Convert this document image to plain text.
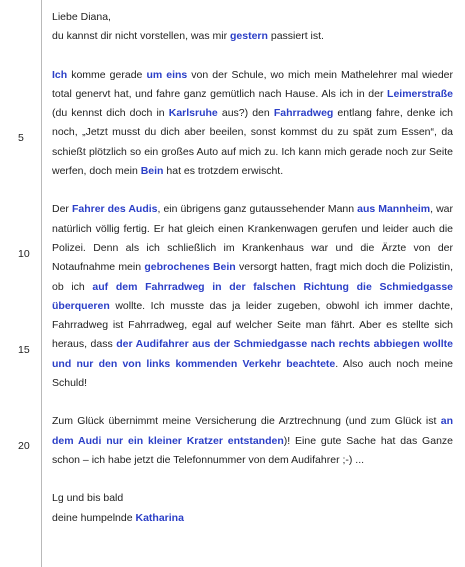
5
10
15
20

Liebe Diana,

du kannst dir nicht vorstellen, was mir gestern passiert ist.

Ich komme gerade um eins von der Schule, wo mich mein Mathelehrer mal wieder total genervt hat, und fahre ganz gemütlich nach Hause. Als ich in der Leimerstraße (du kennst dich doch in Karlsruhe aus?) den Fahrradweg entlang fahre, denke ich noch, „Jetzt musst du dich aber beeilen, sonst kommst du zu spät zum Essen“, da schießt plötzlich so ein großes Auto auf mich zu. Ich kann mich gerade noch zur Seite werfen, doch mein Bein hat es trotzdem erwischt.

Der Fahrer des Audis, ein übrigens ganz gutaussehender Mann aus Mannheim, war natürlich völlig fertig. Er hat gleich einen Krankenwagen gerufen und leider auch die Polizei. Denn als ich schließlich im Krankenhaus war und die Ärzte von der Notaufnahme mein gebrochenes Bein versorgt hatten, fragt mich doch die Polizistin, ob ich auf dem Fahrradweg in der falschen Richtung die Schmiedgasse überqueren wollte. Ich musste das ja leider zugeben, obwohl ich immer dachte, Fahrradweg ist Fahrradweg, egal auf welcher Seite man fährt. Aber es stellte sich heraus, dass der Audifahrer aus der Schmiedgasse nach rechts abbiegen wollte und nur den von links kommenden Verkehr beachtete. Also auch noch meine Schuld!

Zum Glück übernimmt meine Versicherung die Arztrechnung (und zum Glück ist an dem Audi nur ein kleiner Kratzer entstanden)! Eine gute Sache hat das Ganze schon – ich habe jetzt die Telefonnummer von dem Audifahrer ;-) ...

Lg und bis bald

deine humpelnde Katharina
